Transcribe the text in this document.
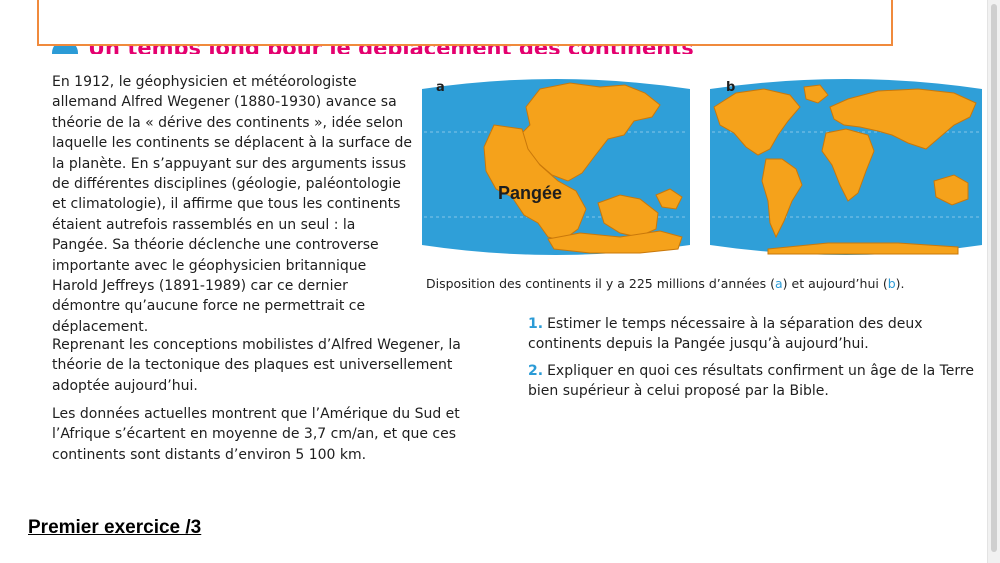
En 1912, le géophysicien et météorologiste allemand Alfred Wegener (1880-1930) avance sa théorie de la « dérive des continents », idée selon laquelle les continents se déplacent à la surface de la planète. En s’appuyant sur des arguments issus de différentes disciplines (géologie, paléontologie et climatologie), il affirme que tous les continents étaient autrefois rassemblés en un seul : la Pangée. Sa théorie déclenche une controverse importante avec le géophysicien britannique Harold Jeffreys (1891-1989) car ce dernier démontre qu’aucune force ne permettrait ce déplacement.

Reprenant les conceptions mobilistes d’Alfred Wegener, la théorie de la tectonique des plaques est universellement adoptée aujourd’hui.

Les données actuelles montrent que l’Amérique du Sud et l’Afrique s’écartent en moyenne de 3,7 cm/an, et que ces continents sont distants d’environ 5 100 km.

Pangée
a	b
Disposition des continents il y a 225 millions d’années (a) et aujourd’hui (b).
1. Estimer le temps nécessaire à la séparation des deux continents depuis la Pangée jusqu’à aujourd’hui.
2. Expliquer en quoi ces résultats confirment un âge de la Terre bien supérieur à celui proposé par la Bible.
Premier exercice /3
